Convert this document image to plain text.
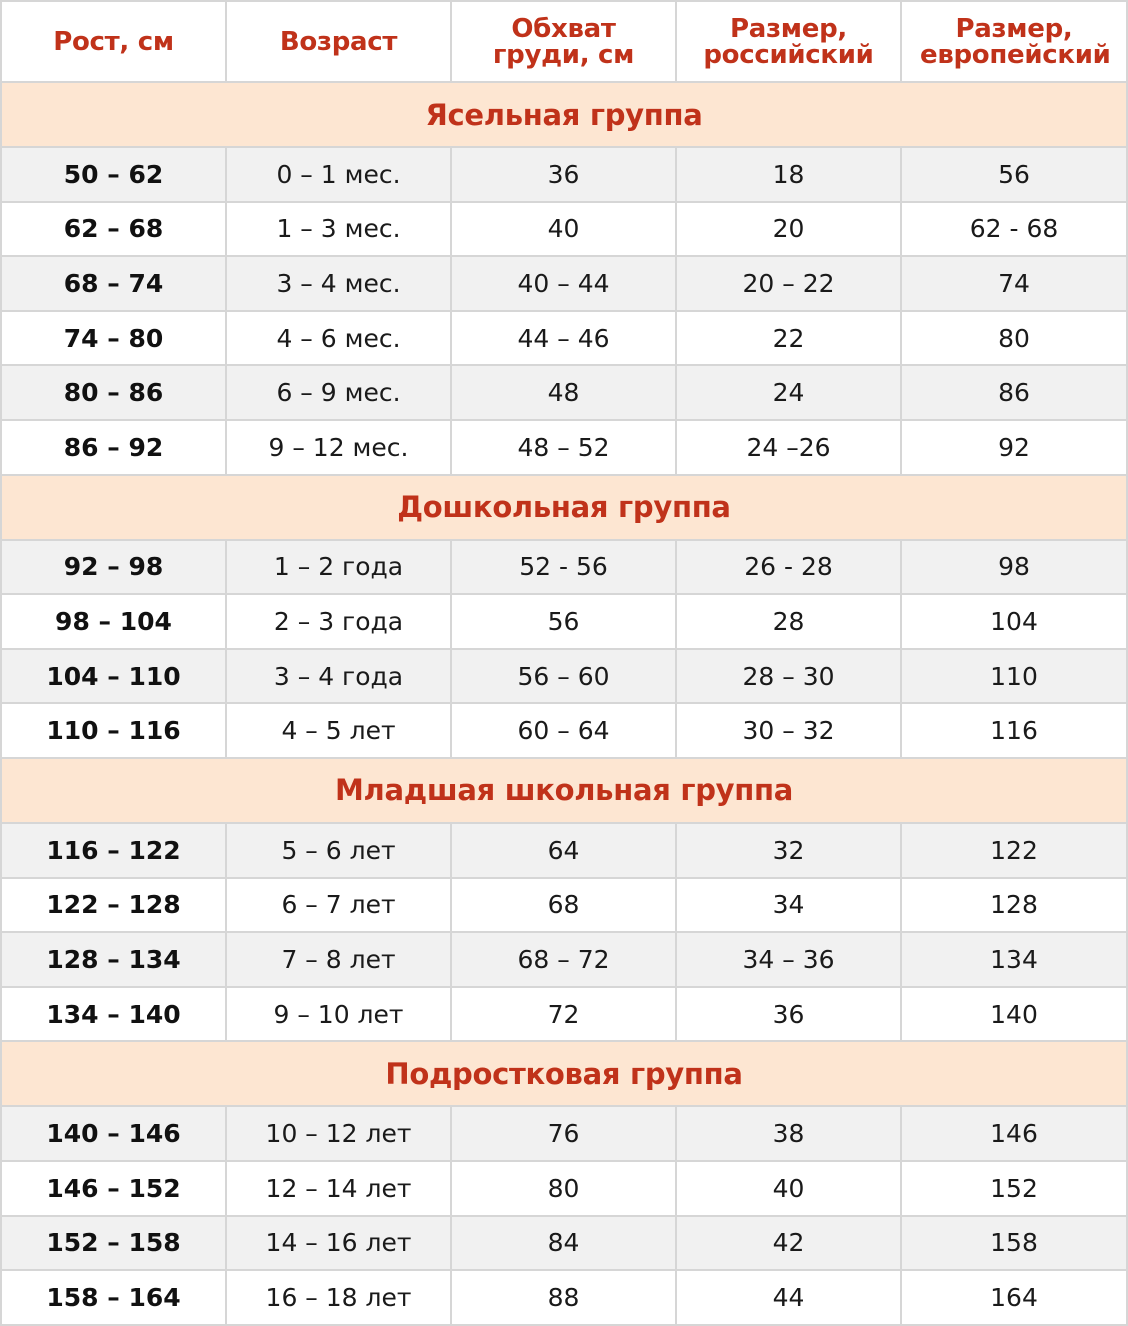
Рост, см	Возраст	Обхват груди, см	Размер, российский	Размер, европейский
Ясельная группа				
50 – 62	0 – 1 мес.	36	18	56
62 – 68	1 – 3 мес.	40	20	62 - 68
68 – 74	3 – 4 мес.	40 – 44	20 – 22	74
74 – 80	4 – 6 мес.	44 – 46	22	80
80 – 86	6 – 9 мес.	48	24	86
86 – 92	9 – 12 мес.	48 – 52	24 –26	92
Дошкольная группа				
92 – 98	1 – 2 года	52 - 56	26 - 28	98
98 – 104	2 – 3 года	56	28	104
104 – 110	3 – 4 года	56 – 60	28 – 30	110
110 – 116	4 – 5 лет	60 – 64	30 – 32	116
Младшая школьная группа				
116 – 122	5 – 6 лет	64	32	122
122 – 128	6 – 7 лет	68	34	128
128 – 134	7 – 8 лет	68 – 72	34 – 36	134
134 – 140	9 – 10 лет	72	36	140
Подростковая группа				
140 – 146	10 – 12 лет	76	38	146
146 – 152	12 – 14 лет	80	40	152
152 – 158	14 – 16 лет	84	42	158
158 – 164	16 – 18 лет	88	44	164
